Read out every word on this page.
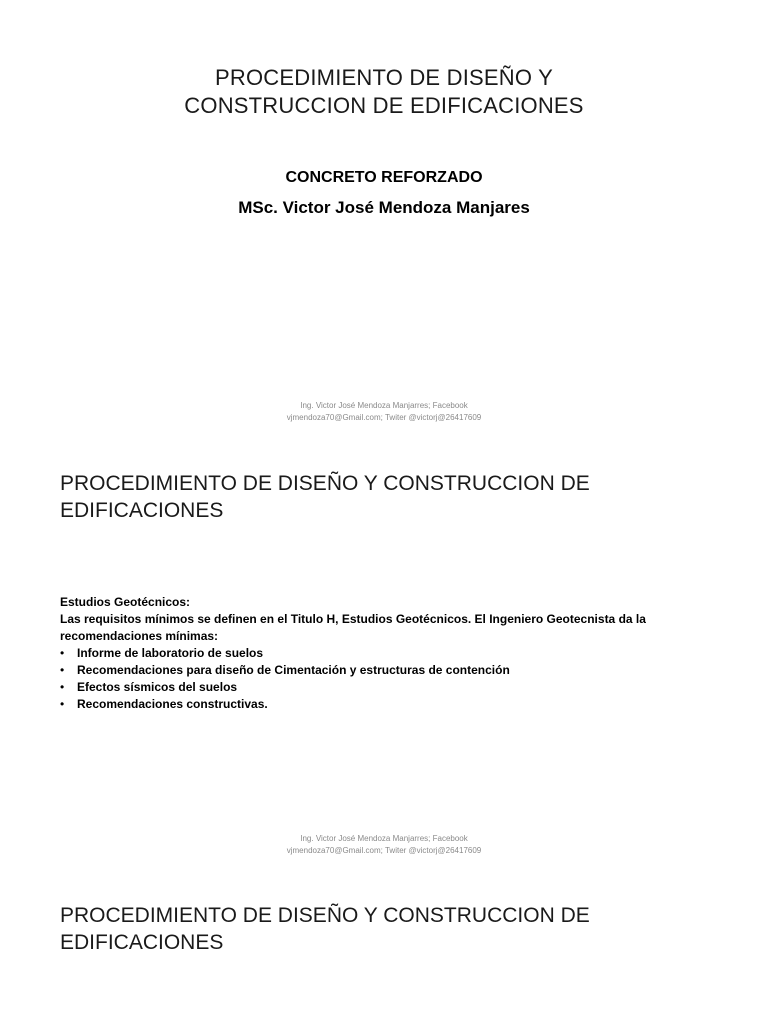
PROCEDIMIENTO DE DISEÑO Y
CONSTRUCCION DE EDIFICACIONES
CONCRETO REFORZADO
MSc. Victor José Mendoza Manjares
Ing. Victor José Mendoza Manjarres; Facebook
vjmendoza70@Gmail.com; Twiter @victorj@26417609
PROCEDIMIENTO DE DISEÑO Y CONSTRUCCION DE
EDIFICACIONES

Estudios Geotécnicos:

Las requisitos mínimos se definen en el Titulo H, Estudios Geotécnicos. El Ingeniero Geotecnista da la

recomendaciones mínimas:

• Informe de laboratorio de suelos
• Recomendaciones para diseño de Cimentación y estructuras de contención
• Efectos sísmicos del suelos
• Recomendaciones constructivas.
Ing. Victor José Mendoza Manjarres; Facebook
vjmendoza70@Gmail.com; Twiter @victorj@26417609
PROCEDIMIENTO DE DISEÑO Y CONSTRUCCION DE
EDIFICACIONES
